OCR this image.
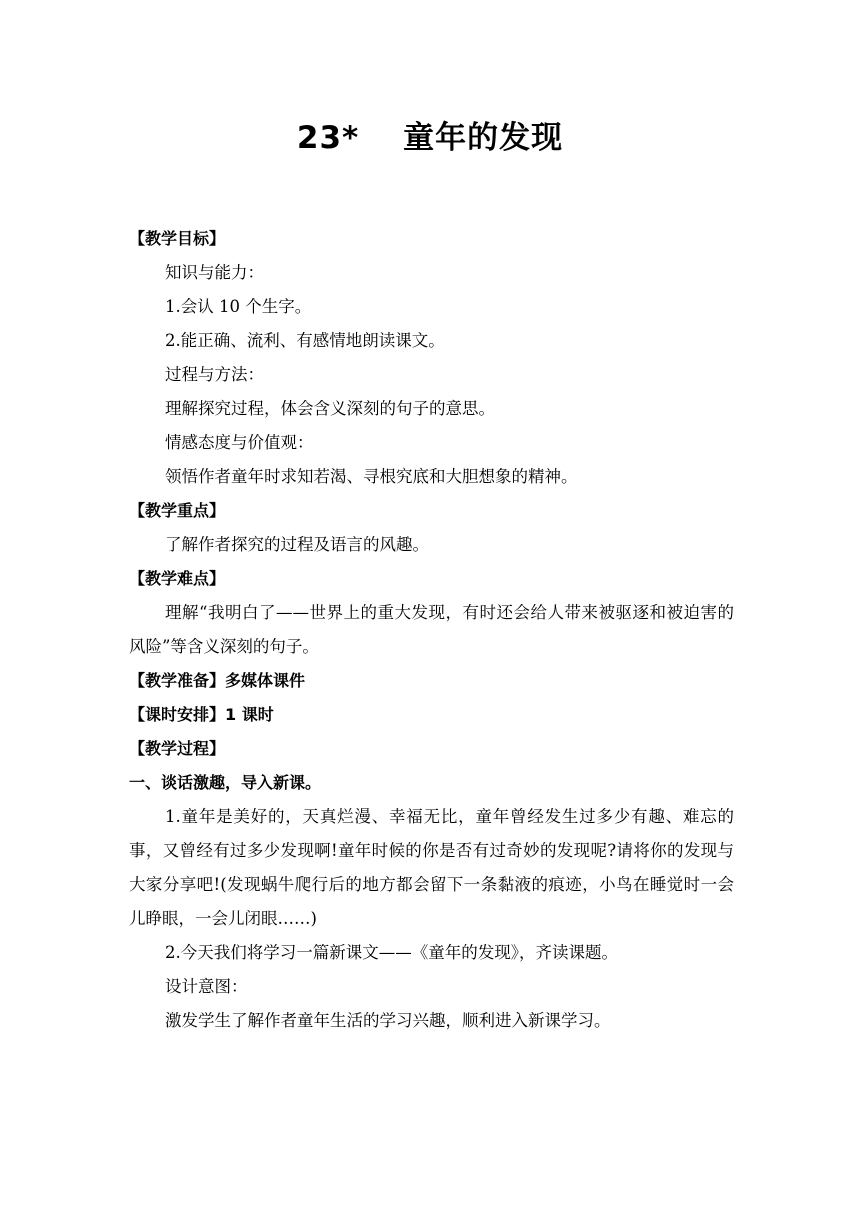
23*　 童年的发现
【教学目标】
知识与能力：
1.会认 10 个生字。
2.能正确、流利、有感情地朗读课文。
过程与方法：
理解探究过程，体会含义深刻的句子的意思。
情感态度与价值观：
领悟作者童年时求知若渴、寻根究底和大胆想象的精神。
【教学重点】
了解作者探究的过程及语言的风趣。
【教学难点】
理解“我明白了——世界上的重大发现，有时还会给人带来被驱逐和被迫害的风险”等含义深刻的句子。
【教学准备】多媒体课件
【课时安排】1 课时
【教学过程】
一、谈话激趣，导入新课。
1.童年是美好的，天真烂漫、幸福无比，童年曾经发生过多少有趣、难忘的事，又曾经有过多少发现啊!童年时候的你是否有过奇妙的发现呢?请将你的发现与大家分享吧!(发现蜗牛爬行后的地方都会留下一条黏液的痕迹，小鸟在睡觉时一会儿睁眼，一会儿闭眼……)
2.今天我们将学习一篇新课文——《童年的发现》，齐读课题。
设计意图：
激发学生了解作者童年生活的学习兴趣，顺利进入新课学习。
